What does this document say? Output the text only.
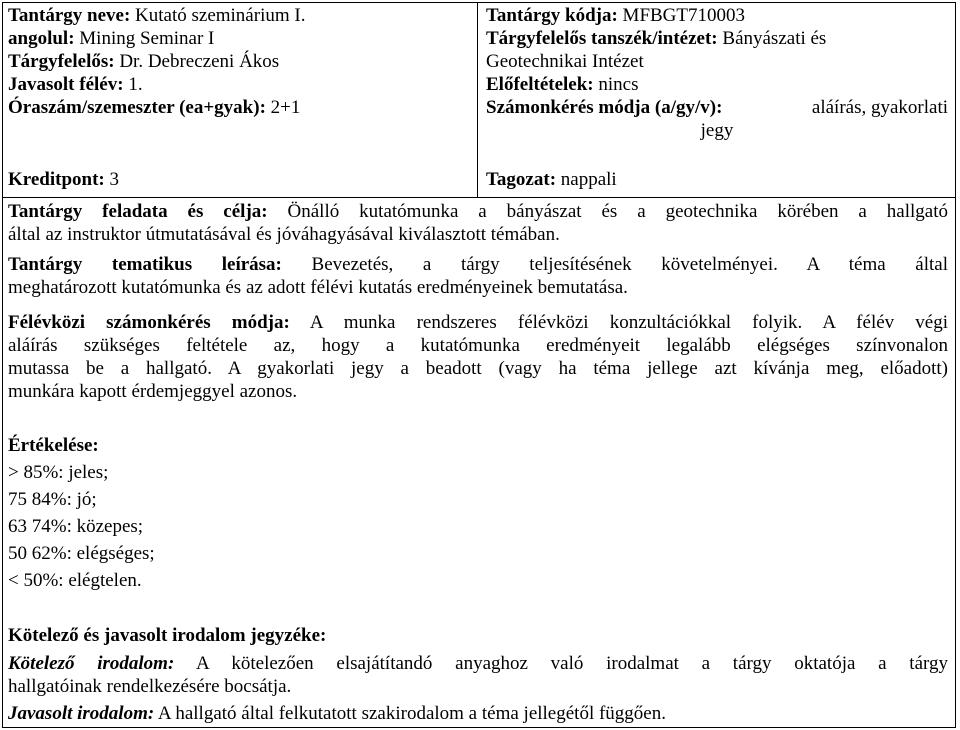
Tantárgy neve: Kutató szeminárium I.
angolul: Mining Seminar I
Tárgyfelelős: Dr. Debreczeni Ákos
Javasolt félév: 1.
Óraszám/szemeszter (ea+gyak): 2+1
Kreditpont: 3
Tantárgy kódja: MFBGT710003
Tárgyfelelős tanszék/intézet: Bányászati és
Geotechnikai Intézet
Előfeltételek: nincs
Számonkérés módja (a/gy/v):	aláírás, gyakorlati
jegy
Tagozat: nappali
Tantárgy feladata és célja: Önálló kutatómunka a bányászat és a geotechnika körében a hallgató
által az instruktor útmutatásával és jóváhagyásával kiválasztott témában.
Tantárgy tematikus leírása: Bevezetés, a tárgy teljesítésének követelményei. A téma által
meghatározott kutatómunka és az adott félévi kutatás eredményeinek bemutatása.
Félévközi számonkérés módja: A munka rendszeres félévközi konzultációkkal folyik. A félév végi
aláírás szükséges feltétele az, hogy a kutatómunka eredményeit legalább elégséges színvonalon
mutassa be a hallgató. A gyakorlati jegy a beadott (vagy ha téma jellege azt kívánja meg, előadott)
munkára kapott érdemjeggyel azonos.
Értékelése:
> 85%: jeles;
75 84%: jó;
63 74%: közepes;
50 62%: elégséges;
< 50%: elégtelen.
Kötelező és javasolt irodalom jegyzéke:
Kötelező irodalom: A kötelezően elsajátítandó anyaghoz való irodalmat a tárgy oktatója a tárgy
hallgatóinak rendelkezésére bocsátja.
Javasolt irodalom: A hallgató által felkutatott szakirodalom a téma jellegétől függően.
